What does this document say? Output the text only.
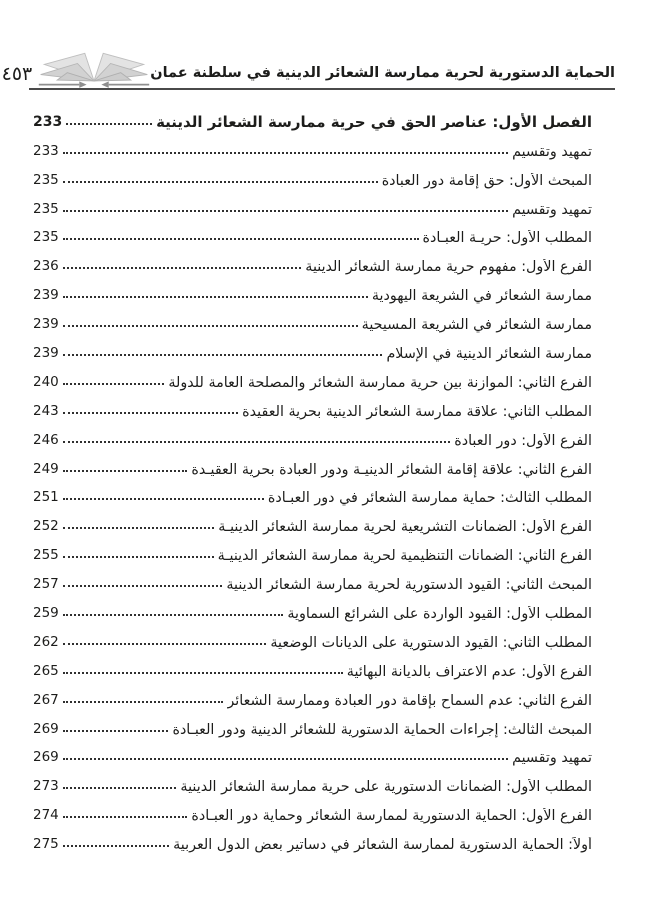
الحماية الدستورية لحرية ممارسة الشعائر الدينية في سلطنة عمان
٤٥٣
الفصل الأول: عناصر الحق في حرية ممارسة الشعائر الدينية
233
تمهيد وتقسيم
233
المبحث الأول: حق إقامة دور العبادة
235
تمهيد وتقسيم
235
المطلب الأول: حريـة العبـادة
235
الفرع الأول: مفهوم حرية ممارسة الشعائر الدينية
236
ممارسة الشعائر في الشريعة اليهودية
239
ممارسة الشعائر في الشريعة المسيحية
239
ممارسة الشعائر الدينية في الإسلام
239
الفرع الثاني: الموازنة بين حرية ممارسة الشعائر والمصلحة العامة للدولة
240
المطلب الثاني: علاقة ممارسة الشعائر الدينية بحرية العقيدة
243
الفرع الأول: دور العبادة
246
الفرع الثاني: علاقة إقامة الشعائر الدينيـة ودور العبادة بحرية العقيـدة
249
المطلب الثالث: حماية ممارسة الشعائر في دور العبـادة
251
الفرع الأول: الضمانات التشريعية لحرية ممارسة الشعائر الدينيـة
252
الفرع الثاني: الضمانات التنظيمية لحرية ممارسة الشعائر الدينيـة
255
المبحث الثاني: القيود الدستورية لحرية ممارسة الشعائر الدينية
257
المطلب الأول: القيود الواردة على الشرائع السماوية
259
المطلب الثاني: القيود الدستورية على الديانات الوضعية
262
الفرع الأول: عدم الاعتراف بالديانة البهائية
265
الفرع الثاني: عدم السماح بإقامة دور العبادة وممارسة الشعائر
267
المبحث الثالث: إجراءات الحماية الدستورية للشعائر الدينية ودور العبـادة
269
تمهيد وتقسيم
269
المطلب الأول: الضمانات الدستورية على حرية ممارسة الشعائر الدينية
273
الفرع الأول: الحماية الدستورية لممارسة الشعائر وحماية دور العبـادة
274
أولاً: الحماية الدستورية لممارسة الشعائر في دساتير بعض الدول العربية
275
